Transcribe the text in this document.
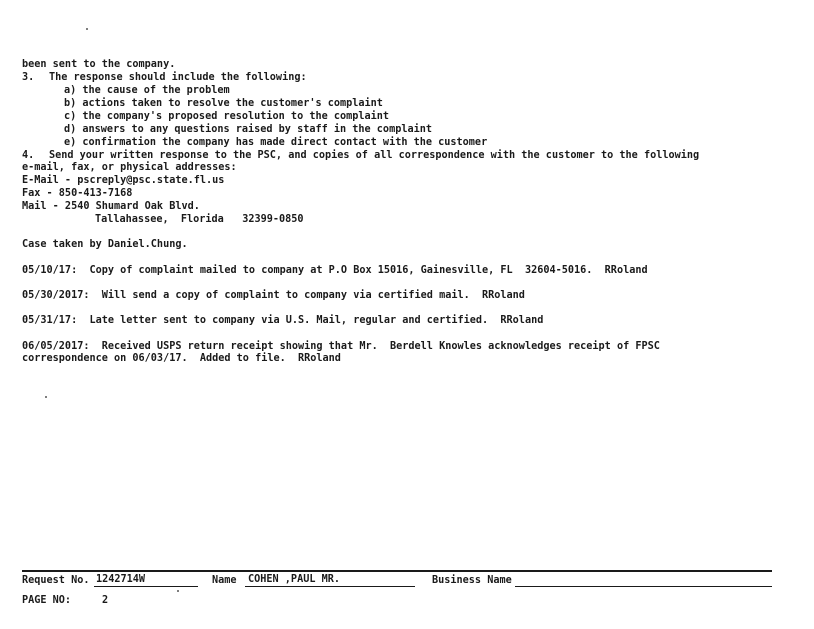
been sent to the company.
3. The response should include the following:
a) the cause of the problem
b) actions taken to resolve the customer's complaint
c) the company's proposed resolution to the complaint
d) answers to any questions raised by staff in the complaint
e) confirmation the company has made direct contact with the customer
4. Send your written response to the PSC, and copies of all correspondence with the customer to the following
e-mail, fax, or physical addresses:
E-Mail - pscreply@psc.state.fl.us
Fax - 850-413-7168
Mail - 2540 Shumard Oak Blvd.
Tallahassee,  Florida   32399-0850
Case taken by Daniel.Chung.
05/10/17:  Copy of complaint mailed to company at P.O Box 15016, Gainesville, FL  32604-5016.  RRoland
05/30/2017:  Will send a copy of complaint to company via certified mail.  RRoland
05/31/17:  Late letter sent to company via U.S. Mail, regular and certified.  RRoland
06/05/2017:  Received USPS return receipt showing that Mr.  Berdell Knowles acknowledges receipt of FPSC
correspondence on 06/03/17.  Added to file.  RRoland
Request No. 1242714W	Name COHEN ,PAUL MR.	Business Name
PAGE NO:	2
